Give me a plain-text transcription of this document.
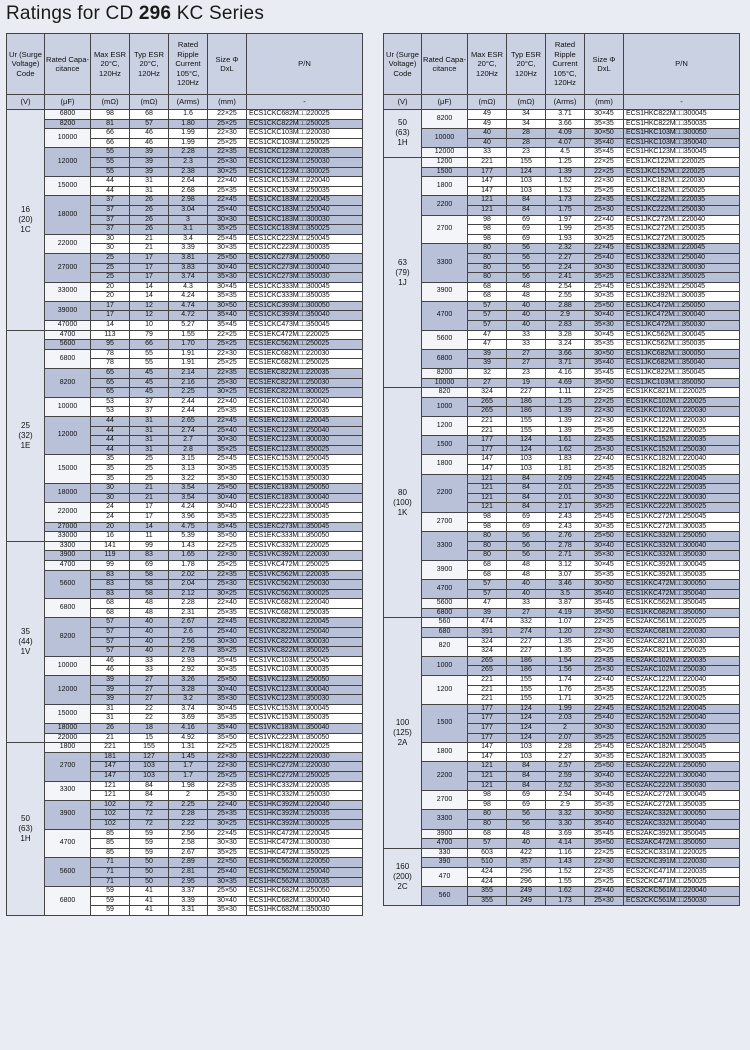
Ratings for CD 296 KC Series
Ur (Surge Voltage) Code	Rated Capa- citance	Max ESR 20°C, 120Hz	Typ ESR 20°C, 120Hz	Rated Ripple Current 105°C, 120Hz	Size Φ DxL	P/N
(V)	(μF)	(mΩ)	(mΩ)	(Arms)	(mm)	-
16
(20)
1C	6800	98	68	1.6	22×25	ECS1CKC682M□□220025
	8200	81	57	1.80	25×25	ECS1CKC822M□□250025
	10000	66	46	1.99	22×30	ECS1CKC103M□□220030
		66	46	1.99	25×25	ECS1CKC103M□□250025
	12000	55	39	2.28	22×35	ECS1CKC123M□□220035
		55	39	2.3	25×30	ECS1CKC123M□□250030
		55	39	2.38	30×25	ECS1CKC123M□□300025
	15000	44	31	2.64	22×40	ECS1CKC153M□□220040
		44	31	2.68	25×35	ECS1CKC153M□□250035
	18000	37	26	2.98	22×45	ECS1CKC183M□□220045
		37	26	3.04	25×40	ECS1CKC183M□□250040
		37	26	3	30×30	ECS1CKC183M□□300030
		37	26	3.1	35×25	ECS1CKC183M□□350025
	22000	30	21	3.4	25×45	ECS1CKC223M□□250045
		30	21	3.39	30×35	ECS1CKC223M□□300035
	27000	25	17	3.81	25×50	ECS1CKC273M□□250050
		25	17	3.83	30×40	ECS1CKC273M□□300040
		25	17	3.74	35×30	ECS1CKC273M□□350030
	33000	20	14	4.3	30×45	ECS1CKC333M□□300045
		20	14	4.24	35×35	ECS1CKC333M□□350035
	39000	17	12	4.74	30×50	ECS1CKC393M□□300050
		17	12	4.72	35×40	ECS1CKC393M□□350040
	47000	14	10	5.27	35×45	ECS1CKC473M□□350045
25
(32)
1E	4700	113	79	1.55	22×25	ECS1EKC472M□□220025
	5600	95	66	1.70	25×25	ECS1EKC562M□□250025
	6800	78	55	1.91	22×30	ECS1EKC682M□□220030
		78	55	1.91	25×25	ECS1EKC682M□□250025
	8200	65	45	2.14	22×35	ECS1EKC822M□□220035
		65	45	2.16	25×30	ECS1EKC822M□□250030
		65	45	2.25	30×25	ECS1EKC822M□□300025
	10000	53	37	2.44	22×40	ECS1EKC103M□□220040
		53	37	2.44	25×35	ECS1EKC103M□□250035
	12000	44	31	2.65	22×45	ECS1EKC123M□□220045
		44	31	2.74	25×40	ECS1EKC123M□□250040
		44	31	2.7	30×30	ECS1EKC123M□□300030
		44	31	2.8	35×25	ECS1EKC123M□□350025
	15000	35	25	3.15	25×45	ECS1EKC153M□□250045
		35	25	3.13	30×35	ECS1EKC153M□□300035
		35	25	3.22	35×30	ECS1EKC153M□□350030
	18000	30	21	3.54	25×50	ECS1EKC183M□□250050
		30	21	3.54	30×40	ECS1EKC183M□□300040
	22000	24	17	4.24	30×40	ECS1EKC223M□□300045
		24	17	3.96	35×35	ECS1EKC223M□□350035
	27000	20	14	4.75	35×45	ECS1EKC273M□□350045
	33000	16	11	5.39	35×50	ECS1EKC333M□□350050
35
(44)
1V	3300	141	99	1.43	22×25	ECS1VKC332M□□220025
	3900	119	83	1.65	22×30	ECS1VKC392M□□220030
	4700	99	69	1.78	25×25	ECS1VKC472M□□250025
	5600	83	58	2.02	22×35	ECS1VKC562M□□220035
		83	58	2.04	25×30	ECS1VKC562M□□250030
		83	58	2.12	30×25	ECS1VKC562M□□300025
	6800	68	48	2.28	22×40	ECS1VKC682M□□220040
		68	48	2.31	25×35	ECS1VKC682M□□250035
	8200	57	40	2.67	22×45	ECS1VKC822M□□220045
		57	40	2.6	25×40	ECS1VKC822M□□250040
		57	40	2.56	30×30	ECS1VKC822M□□300030
		57	40	2.78	35×25	ECS1VKC822M□□350025
	10000	46	33	2.93	25×45	ECS1VKC103M□□250045
		46	33	2.92	30×35	ECS1VKC103M□□300035
	12000	39	27	3.26	25×50	ECS1VKC123M□□250050
		39	27	3.28	30×40	ECS1VKC123M□□300040
		39	27	3.2	35×30	ECS1VKC123M□□350030
	15000	31	22	3.74	30×45	ECS1VKC153M□□300045
		31	22	3.69	35×35	ECS1VKC153M□□350035
	18000	26	18	4.16	35×40	ECS1VKC183M□□350040
	22000	21	15	4.92	35×50	ECS1VKC223M□□350050
50
(63)
1H	1800	221	155	1.31	22×25	ECS1HKC182M□□220025
	2700	181	127	1.45	22×30	ECS1HKC222M□□220030
		147	103	1.7	22×30	ECS1HKC272M□□220030
		147	103	1.7	25×25	ECS1HKC272M□□250025
	3300	121	84	1.98	22×35	ECS1HKC332M□□220035
		121	84	2	25×30	ECS1HKC332M□□250030
	3900	102	72	2.25	22×40	ECS1HKC392M□□220040
		102	72	2.28	25×35	ECS1HKC392M□□250035
		102	72	2.22	30×25	ECS1HKC392M□□300025
	4700	85	59	2.56	22×45	ECS1HKC472M□□220045
		85	59	2.58	30×30	ECS1HKC472M□□300030
		85	59	2.67	35×25	ECS1HKC472M□□350025
	5600	71	50	2.89	22×50	ECS1HKC562M□□220050
		71	50	2.81	25×40	ECS1HKC562M□□250040
		71	50	2.95	30×35	ECS1HKC562M□□300035
	6800	59	41	3.37	25×50	ECS1HKC682M□□250050
		59	41	3.39	30×40	ECS1HKC682M□□300040
		59	41	3.31	35×30	ECS1HKC682M□□350030
Ur (Surge Voltage) Code	Rated Capa- citance	Max ESR 20°C, 120Hz	Typ ESR 20°C, 120Hz	Rated Ripple Current 105°C, 120Hz	Size Φ DxL	P/N
(V)	(μF)	(mΩ)	(mΩ)	(Arms)	(mm)	-
50
(63)
1H	8200	49	34	3.71	30×45	ECS1HKC822M□□300045
		49	34	3.66	35×35	ECS1HKC822M□□350035
	10000	40	28	4.09	30×50	ECS1HKC103M□□300050
		40	28	4.07	35×40	ECS1HKC103M□□350040
	12000	33	23	4.5	35×45	ECS1HKC123M□□350045
63
(79)
1J	1200	221	155	1.25	22×25	ECS1JKC122M□□220025
	1500	177	124	1.39	22×25	ECS1JKC152M□□220025
	1800	147	103	1.52	22×30	ECS1JKC182M□□220030
		147	103	1.52	25×25	ECS1JKC182M□□250025
	2200	121	84	1.73	22×35	ECS1JKC222M□□220035
		121	84	1.75	25×30	ECS1JKC222M□□250030
	2700	98	69	1.97	22×40	ECS1JKC272M□□220040
		98	69	1.99	25×35	ECS1JKC272M□□250035
		98	69	1.93	30×25	ECS1JKC272M□□300025
	3300	80	56	2.32	22×45	ECS1JKC332M□□220045
		80	56	2.27	25×40	ECS1JKC332M□□250040
		80	56	2.24	30×30	ECS1JKC332M□□300030
		80	56	2.41	35×25	ECS1JKC332M□□350025
	3900	68	48	2.54	25×45	ECS1JKC392M□□250045
		68	48	2.55	30×35	ECS1JKC392M□□300035
	4700	57	40	2.88	25×50	ECS1JKC472M□□250050
		57	40	2.9	30×40	ECS1JKC472M□□300040
		57	40	2.83	35×30	ECS1JKC472M□□350030
	5600	47	33	3.28	30×45	ECS1JKC562M□□300045
		47	33	3.24	35×35	ECS1JKC562M□□350035
	6800	39	27	3.66	30×50	ECS1JKC682M□□300050
		39	27	3.71	35×40	ECS1JKC682M□□350040
	8200	32	23	4.16	35×45	ECS1JKC822M□□350045
	10000	27	19	4.69	35×50	ECS1JKC103M□□350050
80
(100)
1K	820	324	227	1.11	22×25	ECS1KKC821M□□220025
	1000	265	186	1.25	22×25	ECS1KKC102M□□220025
		265	186	1.39	22×30	ECS1KKC102M□□220030
	1200	221	155	1.39	22×30	ECS1KKC122M□□220030
		221	155	1.39	25×25	ECS1KKC122M□□250025
	1500	177	124	1.61	22×35	ECS1KKC152M□□220035
		177	124	1.62	25×30	ECS1KKC152M□□250030
	1800	147	103	1.83	22×40	ECS1KKC182M□□220040
		147	103	1.81	25×35	ECS1KKC182M□□250035
	2200	121	84	2.09	22×45	ECS1KKC222M□□220045
		121	84	2.01	25×35	ECS1KKC222M□□250035
		121	84	2.01	30×30	ECS1KKC222M□□300030
		121	84	2.17	35×25	ECS1KKC222M□□350025
	2700	98	69	2.43	25×45	ECS1KKC272M□□250045
		98	69	2.43	30×35	ECS1KKC272M□□300035
	3300	80	56	2.76	25×50	ECS1KKC332M□□250050
		80	56	2.78	30×40	ECS1KKC332M□□300040
		80	56	2.71	35×30	ECS1KKC332M□□350030
	3900	68	48	3.12	30×45	ECS1KKC392M□□300045
		68	48	3.07	35×35	ECS1KKC392M□□350035
	4700	57	40	3.46	30×50	ECS1KKC472M□□300050
		57	40	3.5	35×40	ECS1KKC472M□□350040
	5600	47	33	3.87	35×45	ECS1KKC562M□□350045
	6800	39	27	4.19	35×50	ECS1KKC682M□□350050
100
(125)
2A	560	474	332	1.07	22×25	ECS2AKC561M□□220025
	680	391	274	1.20	22×30	ECS2AKC681M□□220030
	820	324	227	1.35	22×30	ECS2AKC821M□□220030
		324	227	1.35	25×25	ECS2AKC821M□□250025
	1000	265	186	1.54	22×35	ECS2AKC102M□□220035
		265	186	1.56	25×30	ECS2AKC102M□□250030
	1200	221	155	1.74	22×40	ECS2AKC122M□□220040
		221	155	1.76	25×35	ECS2AKC122M□□250035
		221	155	1.71	30×25	ECS2AKC122M□□300025
	1500	177	124	1.99	22×45	ECS2AKC152M□□220045
		177	124	2.03	25×40	ECS2AKC152M□□250040
		177	124	2	30×30	ECS2AKC152M□□300030
		177	124	2.07	35×25	ECS2AKC152M□□350025
	1800	147	103	2.28	25×45	ECS2AKC182M□□250045
		147	103	2.27	30×35	ECS2AKC182M□□300035
	2200	121	84	2.57	25×50	ECS2AKC222M□□250050
		121	84	2.59	30×40	ECS2AKC222M□□300040
		121	84	2.52	35×30	ECS2AKC222M□□350030
	2700	98	69	2.94	30×45	ECS2AKC272M□□300045
		98	69	2.9	35×35	ECS2AKC272M□□350035
	3300	80	56	3.32	30×50	ECS2AKC332M□□300050
		80	56	3.30	35×40	ECS2AKC332M□□350040
	3900	68	48	3.69	35×45	ECS2AKC392M□□350045
	4700	57	40	4.14	35×50	ECS2AKC472M□□350050
160
(200)
2C	330	603	422	1.16	22×25	ECS2CKC331M□□220025
	390	510	357	1.43	22×30	ECS2CKC391M□□220030
	470	424	296	1.52	22×35	ECS2CKC471M□□220035
		424	296	1.55	25×25	ECS2CKC471M□□250025
	560	355	249	1.62	22×40	ECS2CKC561M□□220040
		355	249	1.73	25×30	ECS2CKC561M□□250030
